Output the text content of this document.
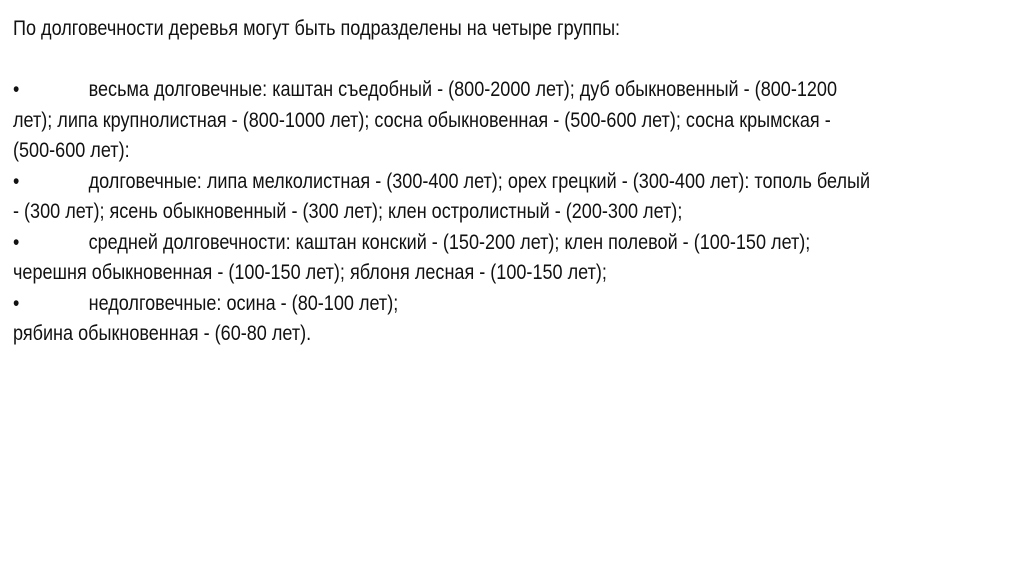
По долговечности деревья могут быть подразделены на четыре группы:

•	весьма долговечные: каштан съедобный - (800-2000 лет); дуб обыкновенный - (800-1200
лет); липа крупнолистная - (800-1000 лет); сосна обыкновенная - (500-600 лет); сосна крымская -
(500-600 лет):
•	долговечные: липа мелколистная - (300-400 лет); орех грецкий - (300-400 лет): тополь белый
- (300 лет); ясень обыкновенный - (300 лет); клен остролистный - (200-300 лет);
•	средней долговечности: каштан конский - (150-200 лет); клен полевой - (100-150 лет);
черешня обыкновенная - (100-150 лет); яблоня лесная - (100-150 лет);
•	недолговечные: осина - (80-100 лет);
рябина обыкновенная - (60-80 лет).
